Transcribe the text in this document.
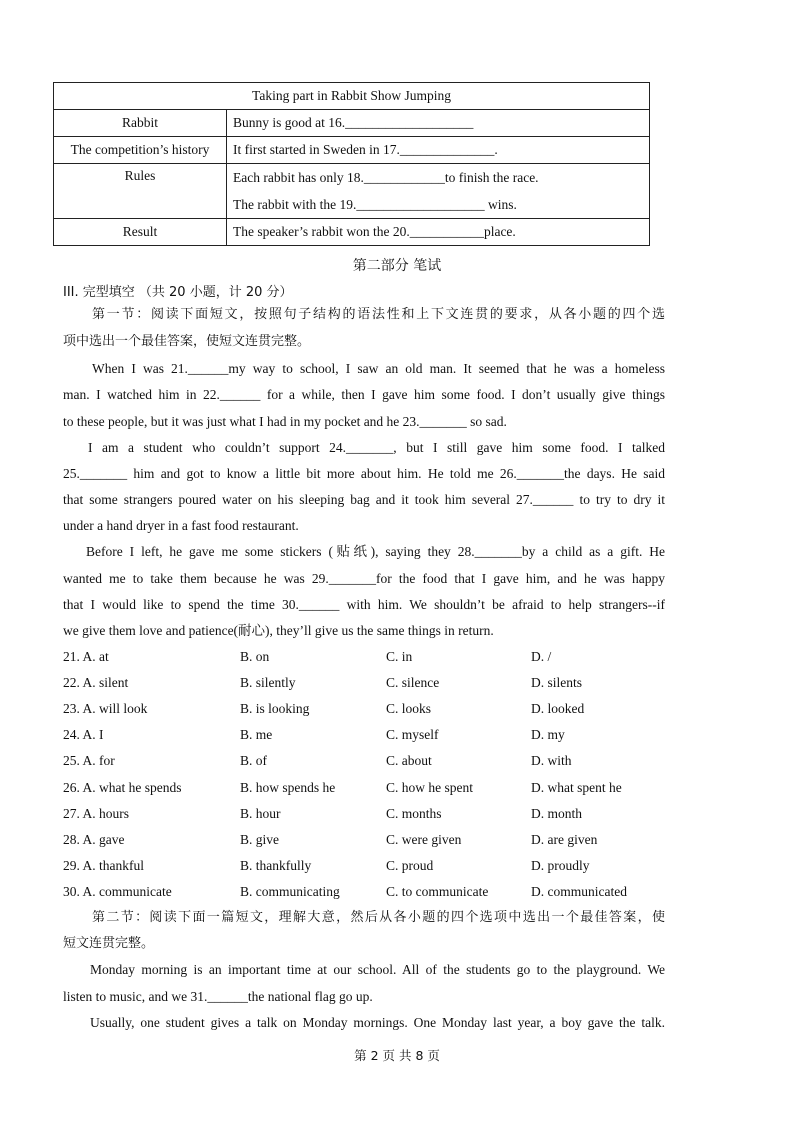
Taking part in Rabbit Show Jumping	
Rabbit	Bunny is good at 16.___________________
The competition’s history	It first started in Sweden in 17.______________.
Rules	Each rabbit has only 18.____________to finish the race.
The rabbit with the 19.___________________ wins.

Result	The speaker’s rabbit won the 20.___________place.
第二部分 笔试
III. 完型填空 （共 20 小题，计 20 分）
第一节：阅读下面短文，按照句子结构的语法性和上下文连贯的要求，从各小题的四个选
项中选出一个最佳答案，使短文连贯完整。
When I was 21.______my way to school, I saw an old man. It seemed that he was a homeless
man. I watched him in 22.______ for a while, then I gave him some food. I don’t usually give things
to these people, but it was just what I had in my pocket and he 23._______ so sad.
I am a student who couldn’t support 24._______, but I still gave him some food. I talked
25._______ him and got to know a little bit more about him. He told me 26._______the days. He said
that some strangers poured water on his sleeping bag and it took him several 27.______ to try to dry it
under a hand dryer in a fast food restaurant.
Before I left, he gave me some stickers (贴纸), saying they 28._______by a child as a gift. He
wanted me to take them because he was 29._______for the food that I gave him, and he was happy
that I would like to spend the time 30.______ with him. We shouldn’t be afraid to help strangers--if
we give them love and patience(耐心), they’ll give us the same things in return.
21. A. at	B. on	C. in	D. /
22. A. silent	B. silently	C. silence	D. silents
23. A. will look	B. is looking	C. looks	D. looked
24. A. I	B. me	C. myself	D. my
25. A. for	B. of	C. about	D. with
26. A. what he spends	B. how spends he	C. how he spent	D. what spent he
27. A. hours	B. hour	C. months	D. month
28. A. gave	B. give	C. were given	D. are given
29. A. thankful	B. thankfully	C. proud	D. proudly
30. A. communicate	B. communicating	C. to communicate	D. communicated
第二节：阅读下面一篇短文，理解大意，然后从各小题的四个选项中选出一个最佳答案，使
短文连贯完整。
Monday morning is an important time at our school. All of the students go to the playground. We
listen to music, and we 31.______the national flag go up.
Usually, one student gives a talk on Monday mornings. One Monday last year, a boy gave the talk.
第 2 页 共 8 页
